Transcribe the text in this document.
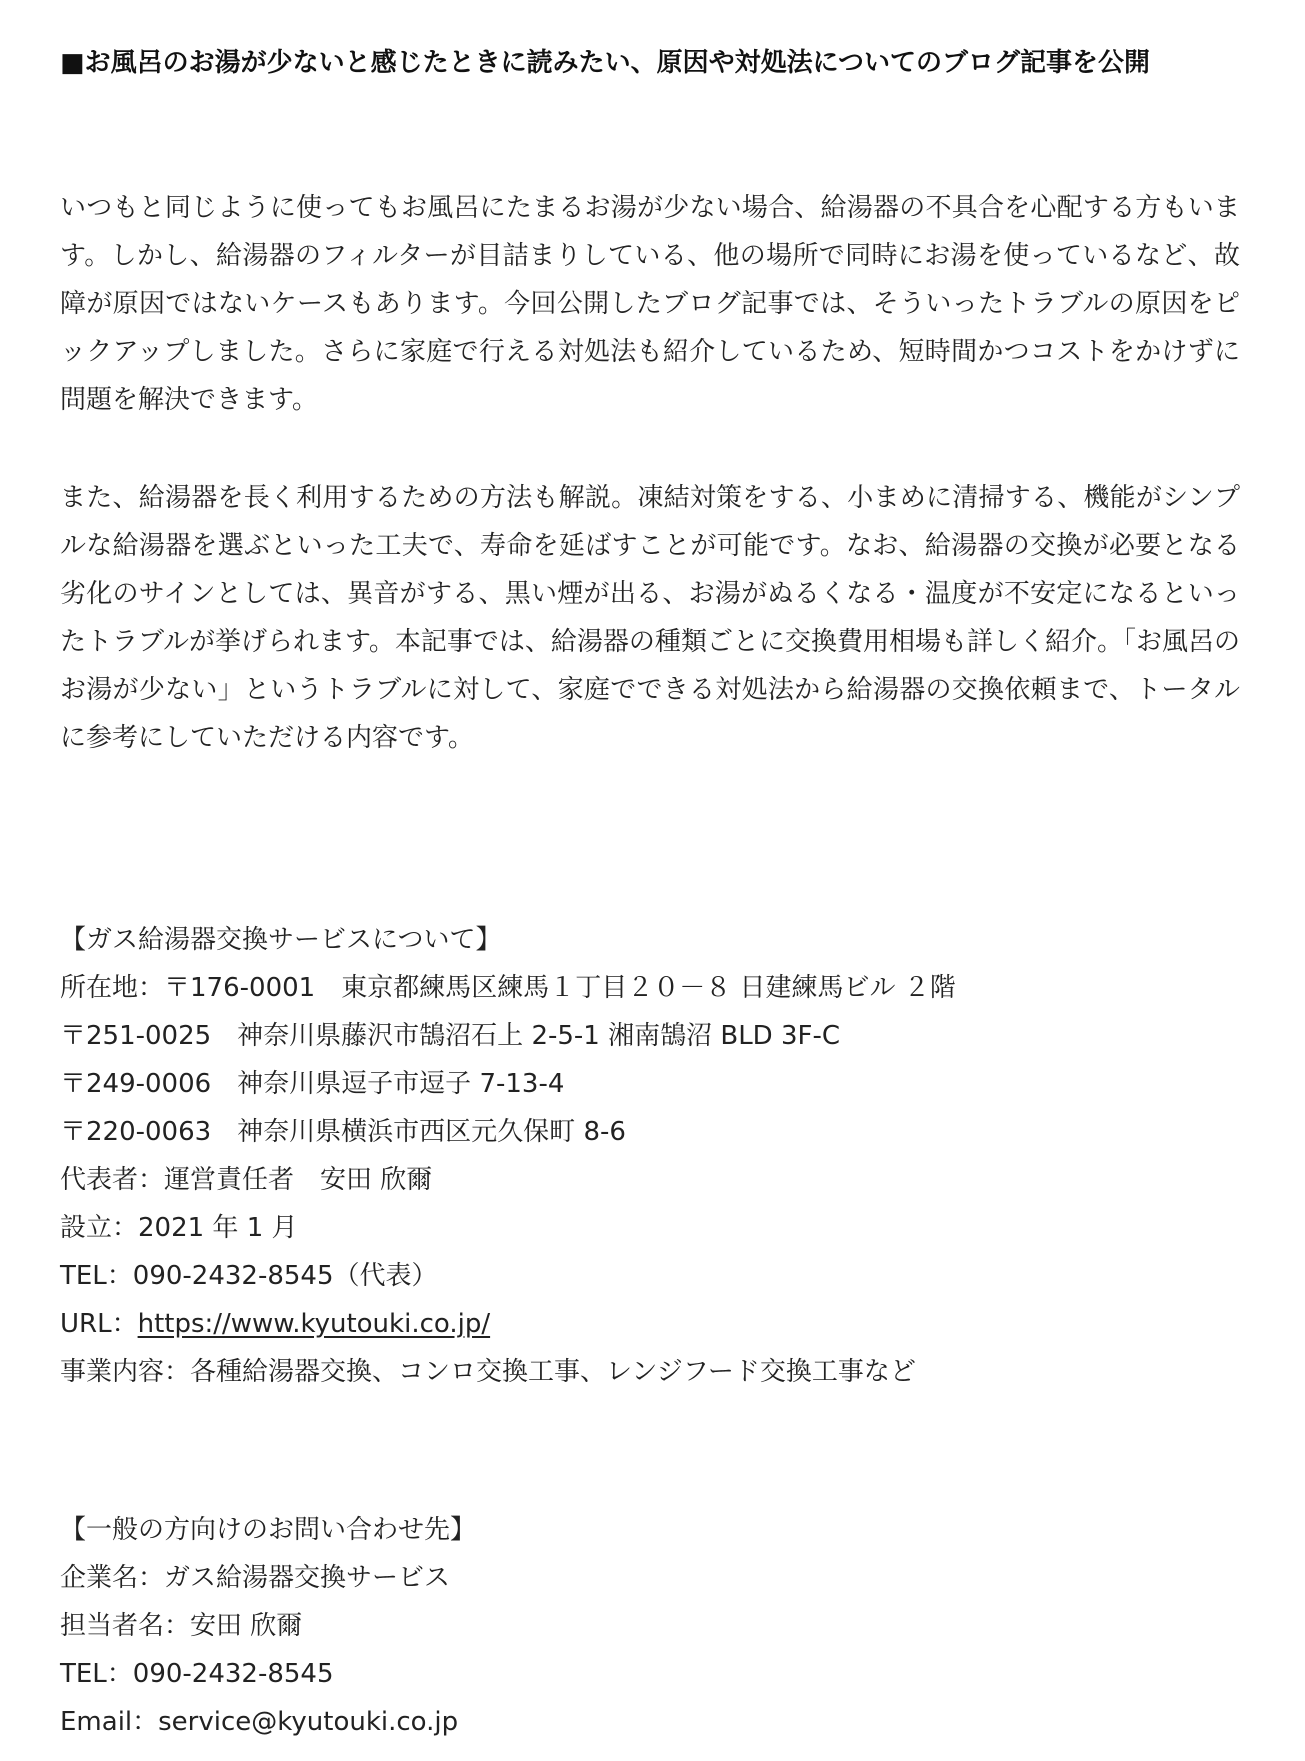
■お風呂のお湯が少ないと感じたときに読みたい、原因や対処法についてのブログ記事を公開

いつもと同じように使ってもお風呂にたまるお湯が少ない場合、給湯器の不具合を心配する方もいます。しかし、給湯器のフィルターが目詰まりしている、他の場所で同時にお湯を使っているなど、故障が原因ではないケースもあります。今回公開したブログ記事では、そういったトラブルの原因をピックアップしました。さらに家庭で行える対処法も紹介しているため、短時間かつコストをかけずに問題を解決できます。

また、給湯器を長く利用するための方法も解説。凍結対策をする、小まめに清掃する、機能がシンプルな給湯器を選ぶといった工夫で、寿命を延ばすことが可能です。なお、給湯器の交換が必要となる劣化のサインとしては、異音がする、黒い煙が出る、お湯がぬるくなる・温度が不安定になるといったトラブルが挙げられます。本記事では、給湯器の種類ごとに交換費用相場も詳しく紹介。「お風呂のお湯が少ない」というトラブルに対して、家庭でできる対処法から給湯器の交換依頼まで、トータルに参考にしていただける内容です。

【ガス給湯器交換サービスについて】
所在地：〒176-0001　東京都練馬区練馬１丁目２０－８ 日建練馬ビル ２階
〒251-0025　神奈川県藤沢市鵠沼石上 2-5-1 湘南鵠沼 BLD 3F-C
〒249-0006　神奈川県逗子市逗子 7-13-4
〒220-0063　神奈川県横浜市西区元久保町 8-6
代表者：運営責任者　安田 欣爾
設立：2021 年 1 月
TEL：090-2432-8545（代表）
URL：https://www.kyutouki.co.jp/
事業内容：各種給湯器交換、コンロ交換工事、レンジフード交換工事など
【一般の方向けのお問い合わせ先】
企業名：ガス給湯器交換サービス
担当者名：安田 欣爾
TEL：090-2432-8545
Email：service@kyutouki.co.jp
